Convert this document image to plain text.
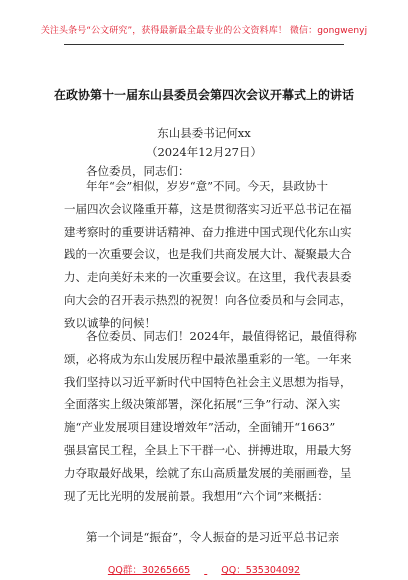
关注头条号“公文研究”，获得最新最全最专业的公文资料库！ 微信：gongwenyj
在政协第十一届东山县委员会第四次会议开幕式上的讲话
东山县委书记何xx
（2024年12月27日）
各位委员，同志们：
年年“会”相似，岁岁“意”不同。今天，县政协十
一届四次会议隆重开幕，这是贯彻落实习近平总书记在福
建考察时的重要讲话精神、奋力推进中国式现代化东山实
践的一次重要会议，也是我们共商发展大计、凝聚最大合
力、走向美好未来的一次重要会议。在这里，我代表县委
向大会的召开表示热烈的祝贺！向各位委员和与会同志，
致以诚挚的问候！
各位委员、同志们！2024年，最值得铭记，最值得称
颂，必将成为东山发展历程中最浓墨重彩的一笔。一年来
我们坚持以习近平新时代中国特色社会主义思想为指导，
全面落实上级决策部署，深化拓展“三争”行动、深入实
施“产业发展项目建设增效年”活动，全面铺开“1663”
强县富民工程，全县上下干群一心、拼搏进取，用最大努
力夺取最好战果，绘就了东山高质量发展的美丽画卷，呈
现了无比光明的发展前景。我想用“六个词”来概括：
第一个词是“振奋”，令人振奋的是习近平总书记亲
QQ群：30265665	QQ：535304092
